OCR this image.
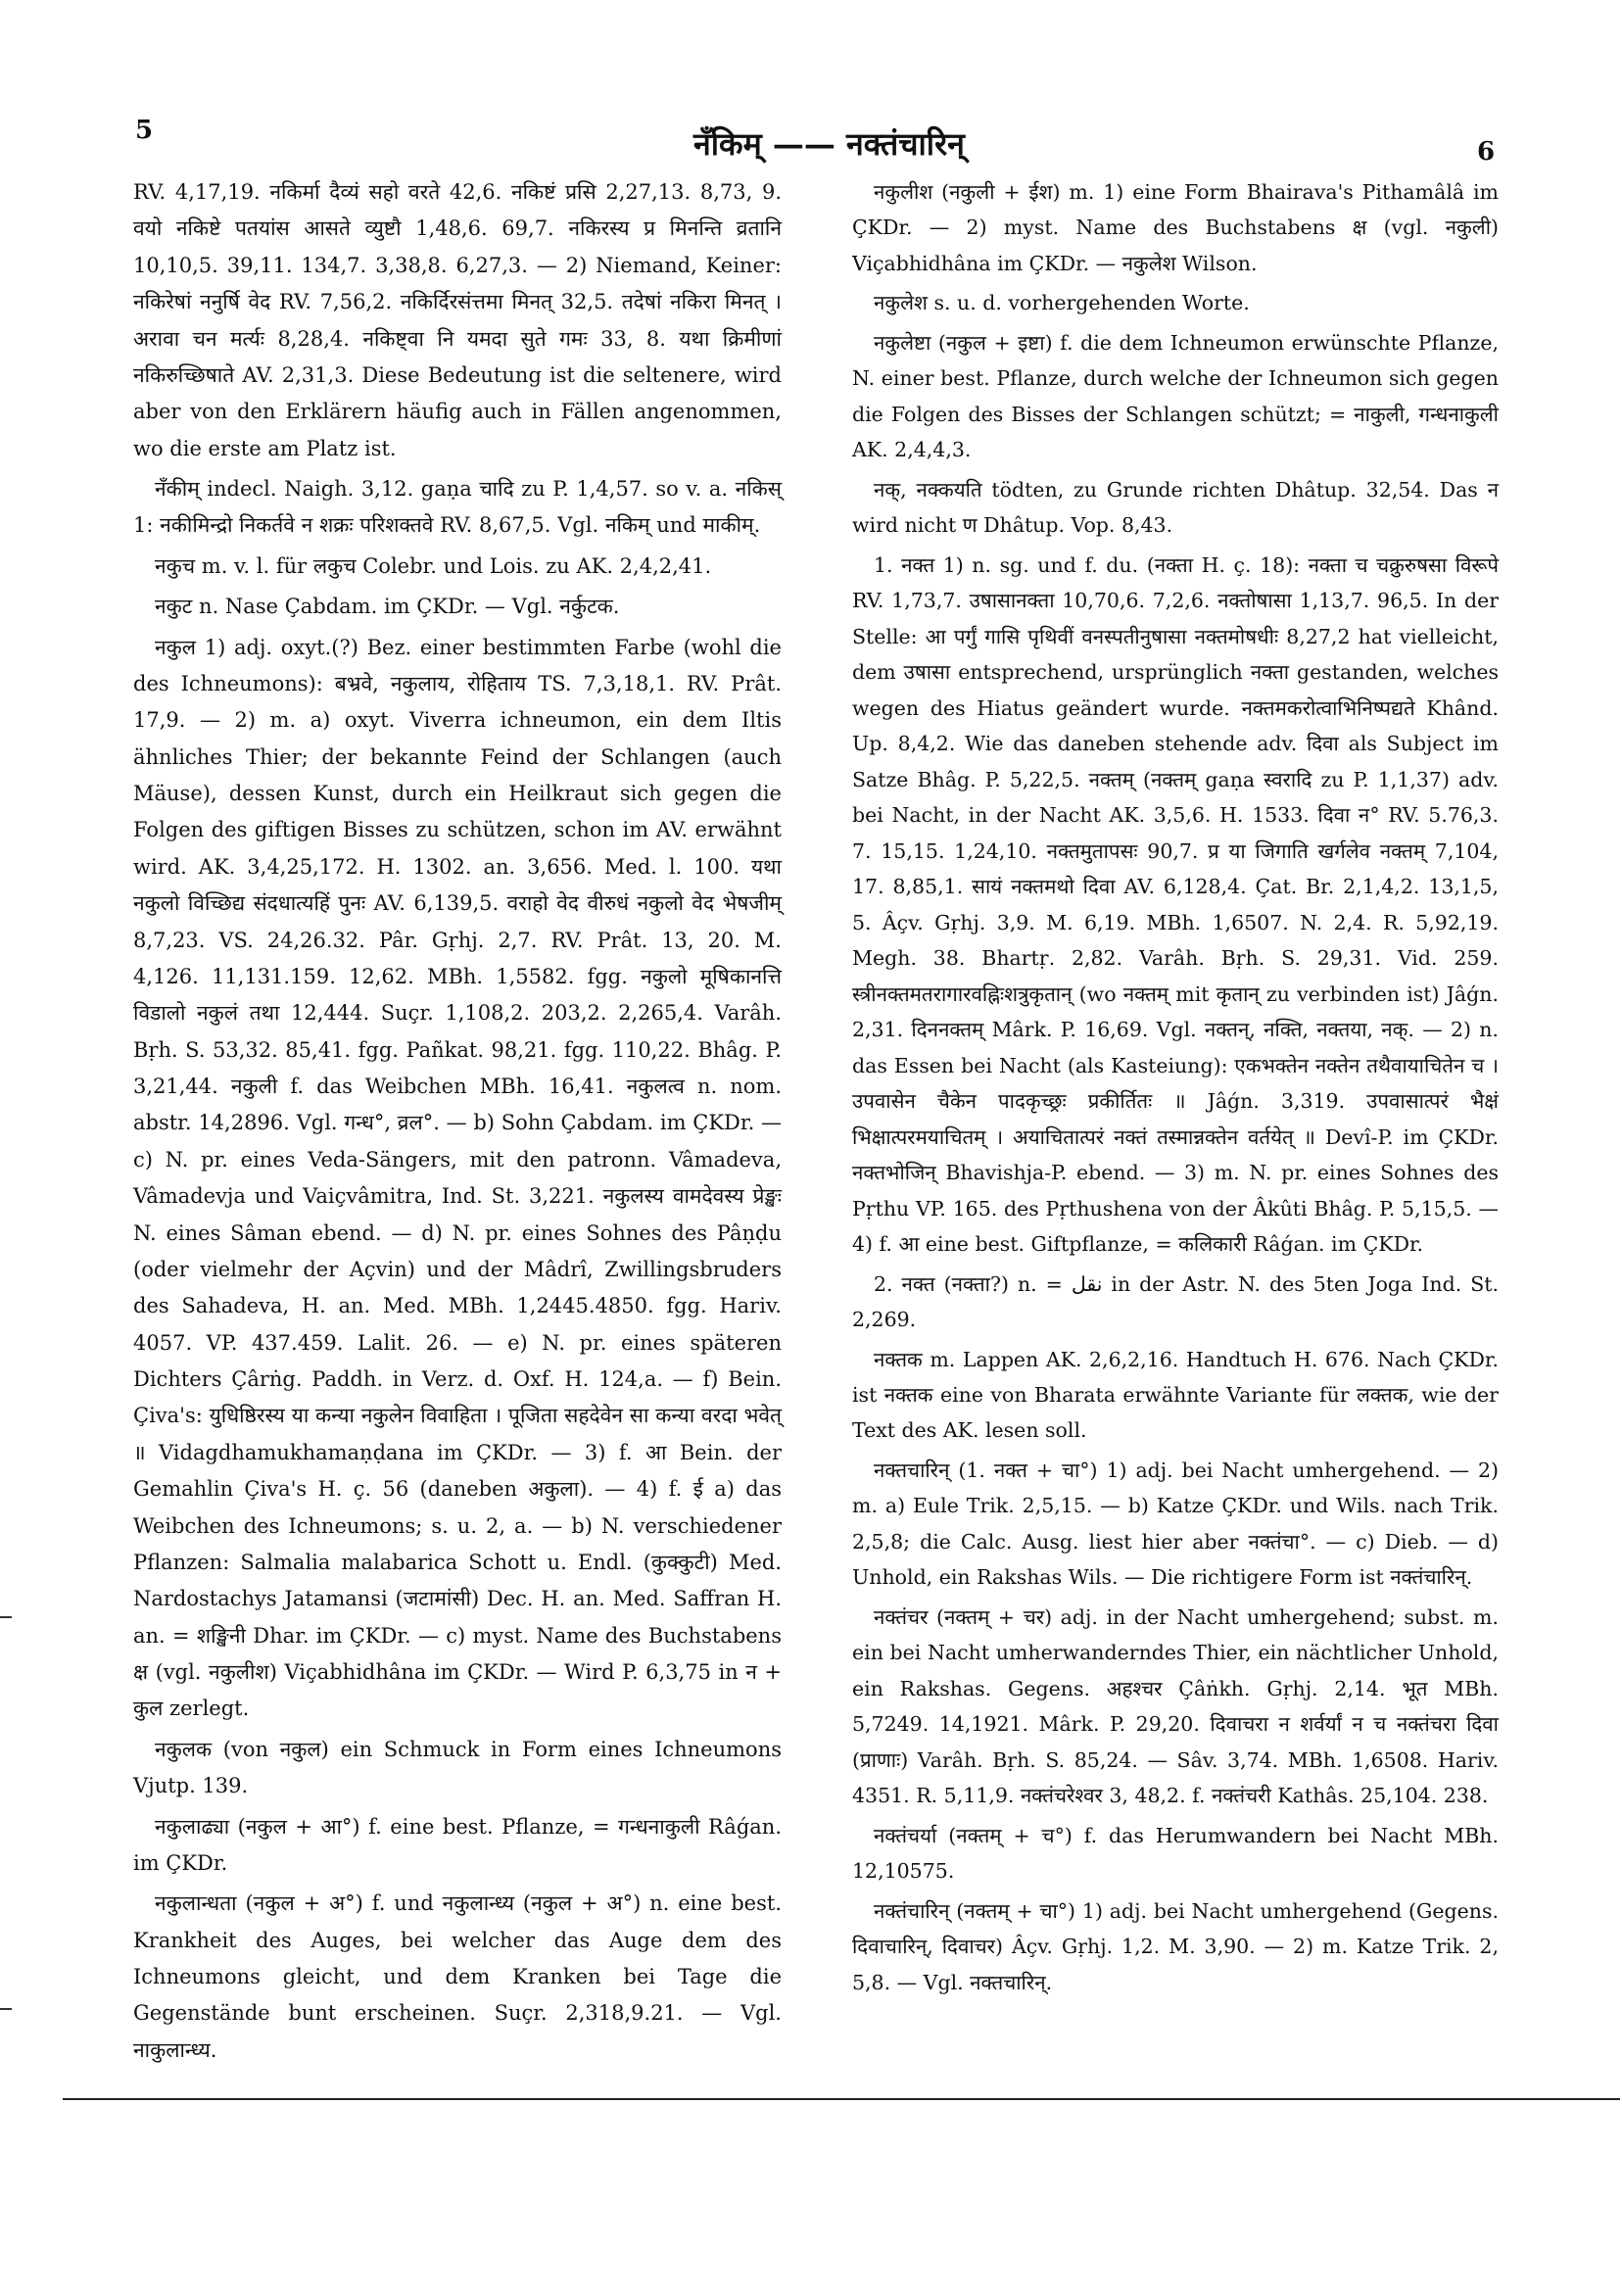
5	नँकिम् —— नक्तंचारिन्	6

RV. 4,17,19. नकिर्मा दैव्यं सहो वरते 42,6. नकिष्टं प्रसि 2,27,13. 8,73, 9. वयो नकिष्टे पतयांस आसते व्युष्टौ 1,48,6. 69,7. नकिरस्य प्र मिनन्ति व्रतानि 10,10,5. 39,11. 134,7. 3,38,8. 6,27,3. — 2) Niemand, Keiner: नकिरेषां ननुर्षि वेद RV. 7,56,2. नकिर्दिरसंत्तमा मिनत् 32,5. तदेषां नकिरा मिनत् । अरावा चन मर्त्यः 8,28,4. नकिष्ट्वा नि यमदा सुते गमः 33, 8. यथा क्रिमीणां नकिरुच्छिषाते AV. 2,31,3. Diese Bedeutung ist die seltenere, wird aber von den Erklärern häufig auch in Fällen angenommen, wo die erste am Platz ist.

नँकीम् indecl. Naigh. 3,12. gaṇa चादि zu P. 1,4,57. so v. a. नकिस् 1: नकीमिन्द्रो निकर्तवे न शक्रः परिशक्तवे RV. 8,67,5. Vgl. नकिम् und माकीम्.

नकुच m. v. l. für लकुच Colebr. und Lois. zu AK. 2,4,2,41.

नकुट n. Nase Çabdam. im ÇKDr. — Vgl. नर्कुटक.

नकुल 1) adj. oxyt.(?) Bez. einer bestimmten Farbe (wohl die des Ichneumons): बभ्रवे, नकुलाय, रोहिताय TS. 7,3,18,1. RV. Prât. 17,9. — 2) m. a) oxyt. Viverra ichneumon, ein dem Iltis ähnliches Thier; der bekannte Feind der Schlangen (auch Mäuse), dessen Kunst, durch ein Heilkraut sich gegen die Folgen des giftigen Bisses zu schützen, schon im AV. erwähnt wird. AK. 3,4,25,172. H. 1302. an. 3,656. Med. l. 100. यथा नकुलो विच्छिद्य संदधात्यहिं पुनः AV. 6,139,5. वराहो वेद वीरुधं नकुलो वेद भेषजीम् 8,7,23. VS. 24,26.32. Pâr. Gṛhj. 2,7. RV. Prât. 13, 20. M. 4,126. 11,131.159. 12,62. MBh. 1,5582. fgg. नकुलो मूषिकानत्ति विडालो नकुलं तथा 12,444. Suçr. 1,108,2. 203,2. 2,265,4. Varâh. Bṛh. S. 53,32. 85,41. fgg. Pañkat. 98,21. fgg. 110,22. Bhâg. P. 3,21,44. नकुली f. das Weibchen MBh. 16,41. नकुलत्व n. nom. abstr. 14,2896. Vgl. गन्ध°, व्रल°. — b) Sohn Çabdam. im ÇKDr. — c) N. pr. eines Veda-Sängers, mit den patronn. Vâmadeva, Vâmadevja und Vaiçvâmitra, Ind. St. 3,221. नकुलस्य वामदेवस्य प्रेङ्खः N. eines Sâman ebend. — d) N. pr. eines Sohnes des Pâṇḍu (oder vielmehr der Açvin) und der Mâdrî, Zwillingsbruders des Sahadeva, H. an. Med. MBh. 1,2445.4850. fgg. Hariv. 4057. VP. 437.459. Lalit. 26. — e) N. pr. eines späteren Dichters Çârṅg. Paddh. in Verz. d. Oxf. H. 124,a. — f) Bein. Çiva's: युधिष्ठिरस्य या कन्या नकुलेन विवाहिता । पूजिता सहदेवेन सा कन्या वरदा भवेत् ॥ Vidagdhamukhamaṇḍana im ÇKDr. — 3) f. आ Bein. der Gemahlin Çiva's H. ç. 56 (daneben अकुला). — 4) f. ई a) das Weibchen des Ichneumons; s. u. 2, a. — b) N. verschiedener Pflanzen: Salmalia malabarica Schott u. Endl. (कुक्कुटी) Med. Nardostachys Jatamansi (जटामांसी) Dec. H. an. Med. Saffran H. an. = शङ्खिनी Dhar. im ÇKDr. — c) myst. Name des Buchstabens क्ष (vgl. नकुलीश) Viçabhidhâna im ÇKDr. — Wird P. 6,3,75 in न + कुल zerlegt.

नकुलक (von नकुल) ein Schmuck in Form eines Ichneumons Vjutp. 139.

नकुलाढ्या (नकुल + आ°) f. eine best. Pflanze, = गन्धनाकुली Râǵan. im ÇKDr.

नकुलान्धता (नकुल + अ°) f. und नकुलान्ध्य (नकुल + अ°) n. eine best. Krankheit des Auges, bei welcher das Auge dem des Ichneumons gleicht, und dem Kranken bei Tage die Gegenstände bunt erscheinen. Suçr. 2,318,9.21. — Vgl. नाकुलान्ध्य.

नकुलीश (नकुली + ईश) m. 1) eine Form Bhairava's Pithamâlâ im ÇKDr. — 2) myst. Name des Buchstabens क्ष (vgl. नकुली) Viçabhidhâna im ÇKDr. — नकुलेश Wilson.

नकुलेश s. u. d. vorhergehenden Worte.

नकुलेष्टा (नकुल + इष्टा) f. die dem Ichneumon erwünschte Pflanze, N. einer best. Pflanze, durch welche der Ichneumon sich gegen die Folgen des Bisses der Schlangen schützt; = नाकुली, गन्धनाकुली AK. 2,4,4,3.

नक्, नक्कयति tödten, zu Grunde richten Dhâtup. 32,54. Das न wird nicht ण Dhâtup. Vop. 8,43.

1. नक्त 1) n. sg. und f. du. (नक्ता H. ç. 18): नक्ता च चक्रुरुषसा विरूपे RV. 1,73,7. उषासानक्ता 10,70,6. 7,2,6. नक्तोषासा 1,13,7. 96,5. In der Stelle: आ पर्गुं गासि पृथिवीं वनस्पतीनुषासा नक्तमोषधीः 8,27,2 hat vielleicht, dem उषासा entsprechend, ursprünglich नक्ता gestanden, welches wegen des Hiatus geändert wurde. नक्तमकरोत्वाभिनिष्पद्यते Khând. Up. 8,4,2. Wie das daneben stehende adv. दिवा als Subject im Satze Bhâg. P. 5,22,5. नक्तम् (नक्तम् gaṇa स्वरादि zu P. 1,1,37) adv. bei Nacht, in der Nacht AK. 3,5,6. H. 1533. दिवा न° RV. 5.76,3. 7. 15,15. 1,24,10. नक्तमुतापसः 90,7. प्र या जिगाति खर्गलेव नक्तम् 7,104, 17. 8,85,1. सायं नक्तमथो दिवा AV. 6,128,4. Çat. Br. 2,1,4,2. 13,1,5, 5. Âçv. Gṛhj. 3,9. M. 6,19. MBh. 1,6507. N. 2,4. R. 5,92,19. Megh. 38. Bhartṛ. 2,82. Varâh. Bṛh. S. 29,31. Vid. 259. स्त्रीनक्तमतरागारवह्निःशत्रुकृतान् (wo नक्तम् mit कृतान् zu verbinden ist) Jâǵn. 2,31. दिननक्तम् Mârk. P. 16,69. Vgl. नक्तन्, नक्ति, नक्तया, नक्. — 2) n. das Essen bei Nacht (als Kasteiung): एकभक्तेन नक्तेन तथैवायाचितेन च । उपवासेन चैकेन पादकृच्छ्रः प्रकीर्तितः ॥ Jâǵn. 3,319. उपवासात्परं भैक्षं भिक्षात्परमयाचितम् । अयाचितात्परं नक्तं तस्मान्नक्तेन वर्तयेत् ॥ Devî-P. im ÇKDr. नक्तभोजिन् Bhavishja-P. ebend. — 3) m. N. pr. eines Sohnes des Pṛthu VP. 165. des Pṛthushena von der Âkûti Bhâg. P. 5,15,5. — 4) f. आ eine best. Giftpflanze, = कलिकारी Râǵan. im ÇKDr.

2. नक्त (नक्ता?) n. = نقل in der Astr. N. des 5ten Joga Ind. St. 2,269.

नक्तक m. Lappen AK. 2,6,2,16. Handtuch H. 676. Nach ÇKDr. ist नक्तक eine von Bharata erwähnte Variante für लक्तक, wie der Text des AK. lesen soll.

नक्तचारिन् (1. नक्त + चा°) 1) adj. bei Nacht umhergehend. — 2) m. a) Eule Trik. 2,5,15. — b) Katze ÇKDr. und Wils. nach Trik. 2,5,8; die Calc. Ausg. liest hier aber नक्तंचा°. — c) Dieb. — d) Unhold, ein Rakshas Wils. — Die richtigere Form ist नक्तंचारिन्.

नक्तंचर (नक्तम् + चर) adj. in der Nacht umhergehend; subst. m. ein bei Nacht umherwanderndes Thier, ein nächtlicher Unhold, ein Rakshas. Gegens. अहश्चर Çâṅkh. Gṛhj. 2,14. भूत MBh. 5,7249. 14,1921. Mârk. P. 29,20. दिवाचरा न शर्वर्यां न च नक्तंचरा दिवा (प्राणाः) Varâh. Bṛh. S. 85,24. — Sâv. 3,74. MBh. 1,6508. Hariv. 4351. R. 5,11,9. नक्तंचरेश्वर 3, 48,2. f. नक्तंचरी Kathâs. 25,104. 238.

नक्तंचर्या (नक्तम् + च°) f. das Herumwandern bei Nacht MBh. 12,10575.

नक्तंचारिन् (नक्तम् + चा°) 1) adj. bei Nacht umhergehend (Gegens. दिवाचारिन्, दिवाचर) Âçv. Gṛhj. 1,2. M. 3,90. — 2) m. Katze Trik. 2, 5,8. — Vgl. नक्तचारिन्.
